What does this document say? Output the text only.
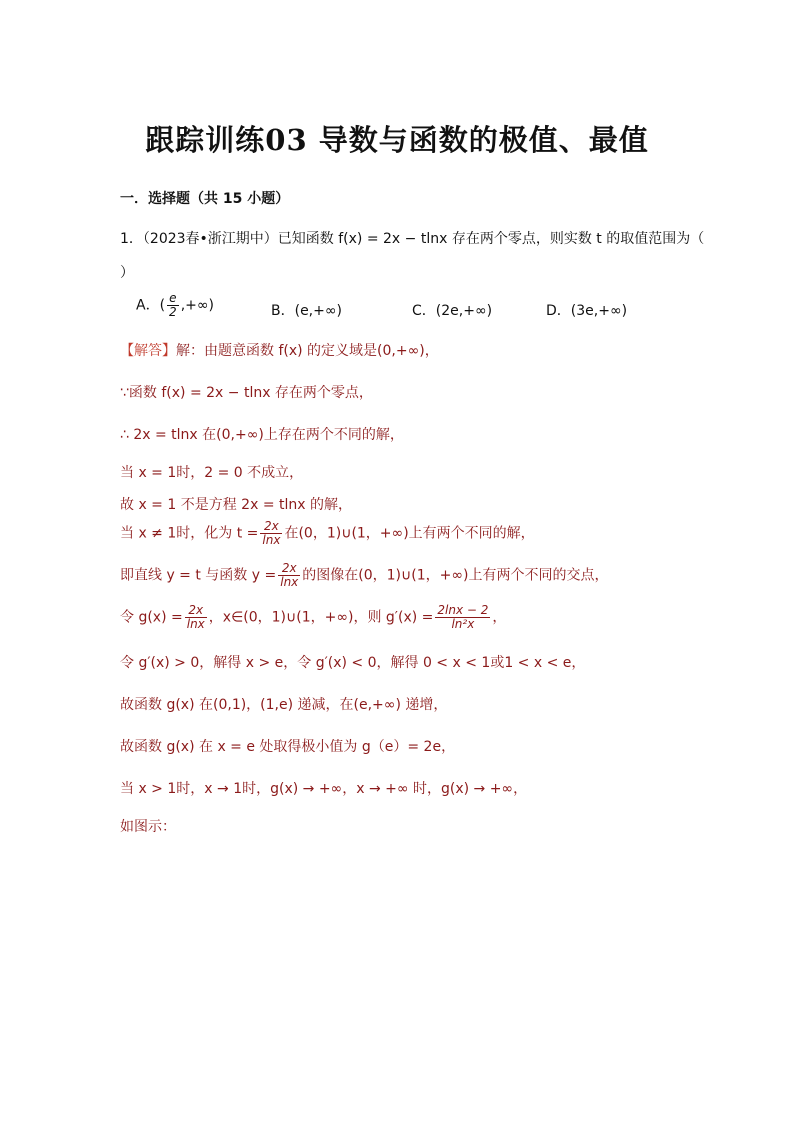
跟踪训练03 导数与函数的极值、最值
一．选择题（共 15 小题）
1．（2023春•浙江期中）已知函数 f(x) = 2x − tlnx 存在两个零点，则实数 t 的取值范围为（
）
A．( $\frac{e}{2}$ ,+∞)	B．(e,+∞)	C．(2e,+∞)	D．(3e,+∞)
【解答】解：由题意函数 f(x) 的定义域是(0,+∞)，
∵函数 f(x) = 2x − tlnx 存在两个零点，
∴ 2x = tlnx 在(0,+∞)上存在两个不同的解，
当 x = 1时，2 = 0 不成立，
故 x = 1 不是方程 2x = tlnx 的解，
当 x ≠ 1时，化为 $t = \frac{2x}{\ln x}$ 在(0，1)∪(1，+∞)上有两个不同的解，
即直线 y = t 与函数 $y = \frac{2x}{\ln x}$ 的图像在(0，1)∪(1，+∞)上有两个不同的交点，
令 $g(x) = \frac{2x}{\ln x}$ ，x∈(0，1)∪(1，+∞)，则 $g'(x) = \frac{2\ln x - 2}{\text{ln²x}}$ ，
令 g′(x) > 0，解得 x > e，令 g′(x) < 0，解得 0 < x < 1或1 < x < e，
故函数 g(x) 在(0,1)，(1,e) 递减，在(e,+∞) 递增，
故函数 g(x) 在 x = e 处取得极小值为 g（e）= 2e，
当 x > 1时，x → 1时，g(x) → +∞，x → +∞ 时，g(x) → +∞，
如图示：
